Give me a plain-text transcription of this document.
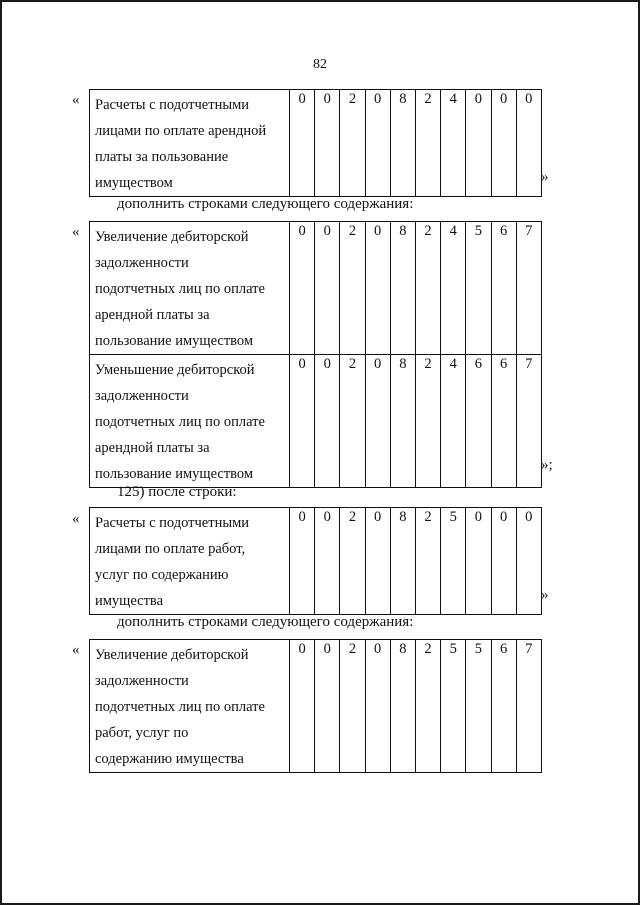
82
« Расчеты с подотчетными
лицами по оплате арендной
платы за пользование
имуществом
	0	0	2	0	8	2	4	0	0	0
»
дополнить строками следующего содержания:
« Увеличение дебиторской
задолженности
подотчетных лиц по оплате
арендной платы за
пользование имуществом	0	0	2	0	8	2	4	5	6	7

Уменьшение дебиторской
задолженности
подотчетных лиц по оплате
арендной платы за
пользование имуществом	0	0	2	0	8	2	4	6	6	7
»;
125) после строки:
« Расчеты с подотчетными
лицами по оплате работ,
услуг по содержанию
имущества
	0	0	2	0	8	2	5	0	0	0
»
дополнить строками следующего содержания:
« Увеличение дебиторской
задолженности
подотчетных лиц по оплате
работ, услуг по
содержанию имущества
	0	0	2	0	8	2	5	5	6	7
